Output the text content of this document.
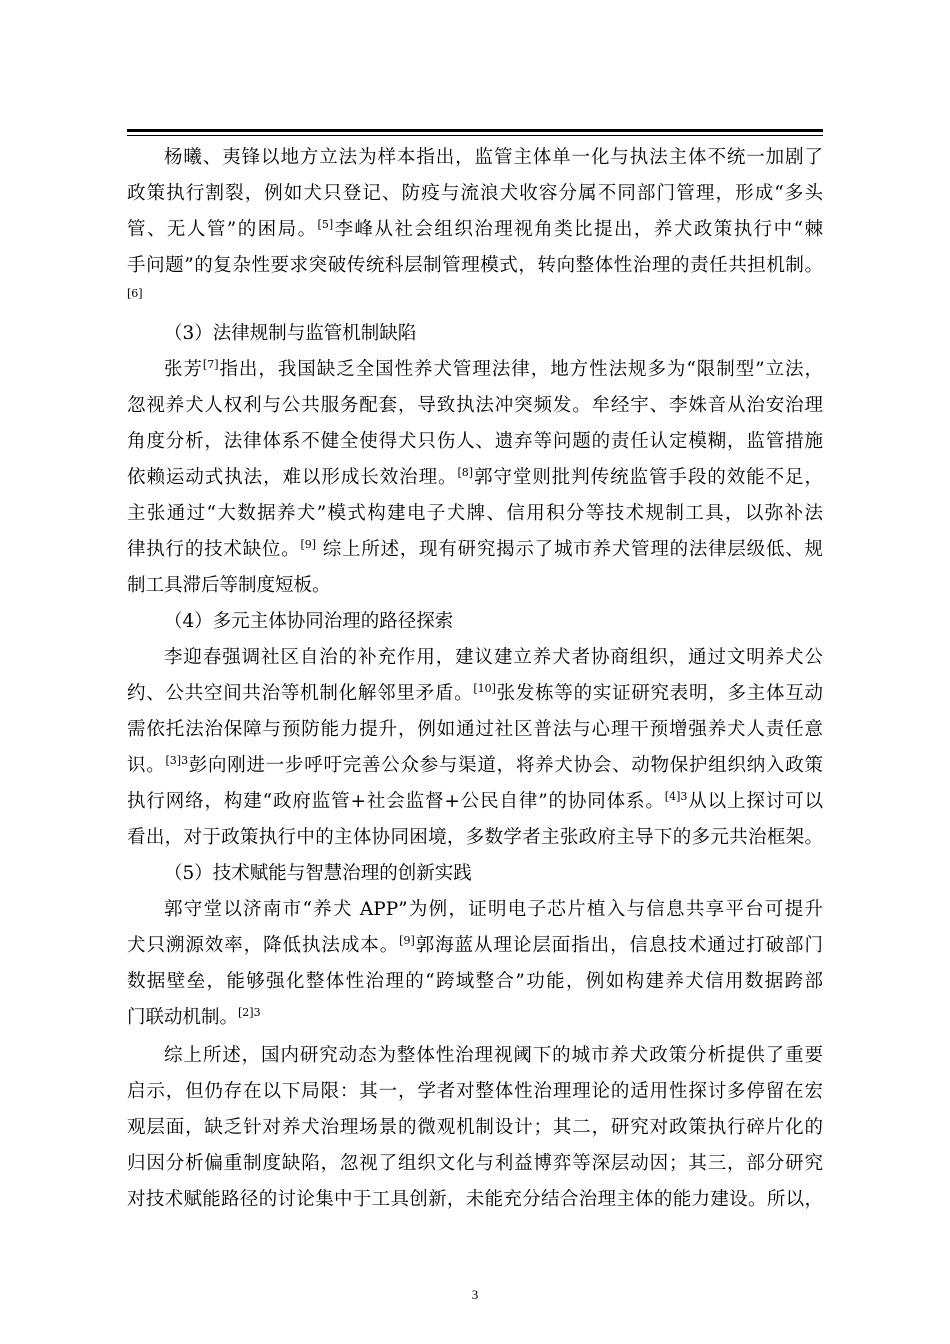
杨曦、夷锋以地方立法为样本指出，监管主体单一化与执法主体不统一加剧了
政策执行割裂，例如犬只登记、防疫与流浪犬收容分属不同部门管理，形成“多头
管、无人管”的困局。[5]李峰从社会组织治理视角类比提出，养犬政策执行中“棘
手问题”的复杂性要求突破传统科层制管理模式，转向整体性治理的责任共担机制。
[6]
（3）法律规制与监管机制缺陷
张芳[7]指出，我国缺乏全国性养犬管理法律，地方性法规多为“限制型”立法，
忽视养犬人权利与公共服务配套，导致执法冲突频发。牟经宇、李姝音从治安治理
角度分析，法律体系不健全使得犬只伤人、遗弃等问题的责任认定模糊，监管措施
依赖运动式执法，难以形成长效治理。[8]郭守堂则批判传统监管手段的效能不足，
主张通过“大数据养犬”模式构建电子犬牌、信用积分等技术规制工具，以弥补法
律执行的技术缺位。[9] 综上所述，现有研究揭示了城市养犬管理的法律层级低、规
制工具滞后等制度短板。
（4）多元主体协同治理的路径探索
李迎春强调社区自治的补充作用，建议建立养犬者协商组织，通过文明养犬公
约、公共空间共治等机制化解邻里矛盾。[10]张发栋等的实证研究表明，多主体互动
需依托法治保障与预防能力提升，例如通过社区普法与心理干预增强养犬人责任意
识。$^{[3]3}$彭向刚进一步呼吁完善公众参与渠道，将养犬协会、动物保护组织纳入政策
执行网络，构建“政府监管+社会监督+公民自律”的协同体系。$^{[4]3}$从以上探讨可以
看出，对于政策执行中的主体协同困境，多数学者主张政府主导下的多元共治框架。
（5）技术赋能与智慧治理的创新实践
郭守堂以济南市“养犬 APP”为例，证明电子芯片植入与信息共享平台可提升
犬只溯源效率，降低执法成本。[9]郭海蓝从理论层面指出，信息技术通过打破部门
数据壁垒，能够强化整体性治理的“跨域整合”功能，例如构建养犬信用数据跨部
门联动机制。$^{[2]3}$
综上所述，国内研究动态为整体性治理视阈下的城市养犬政策分析提供了重要
启示，但仍存在以下局限：其一，学者对整体性治理理论的适用性探讨多停留在宏
观层面，缺乏针对养犬治理场景的微观机制设计；其二，研究对政策执行碎片化的
归因分析偏重制度缺陷，忽视了组织文化与利益博弈等深层动因；其三，部分研究
对技术赋能路径的讨论集中于工具创新，未能充分结合治理主体的能力建设。所以，
3
